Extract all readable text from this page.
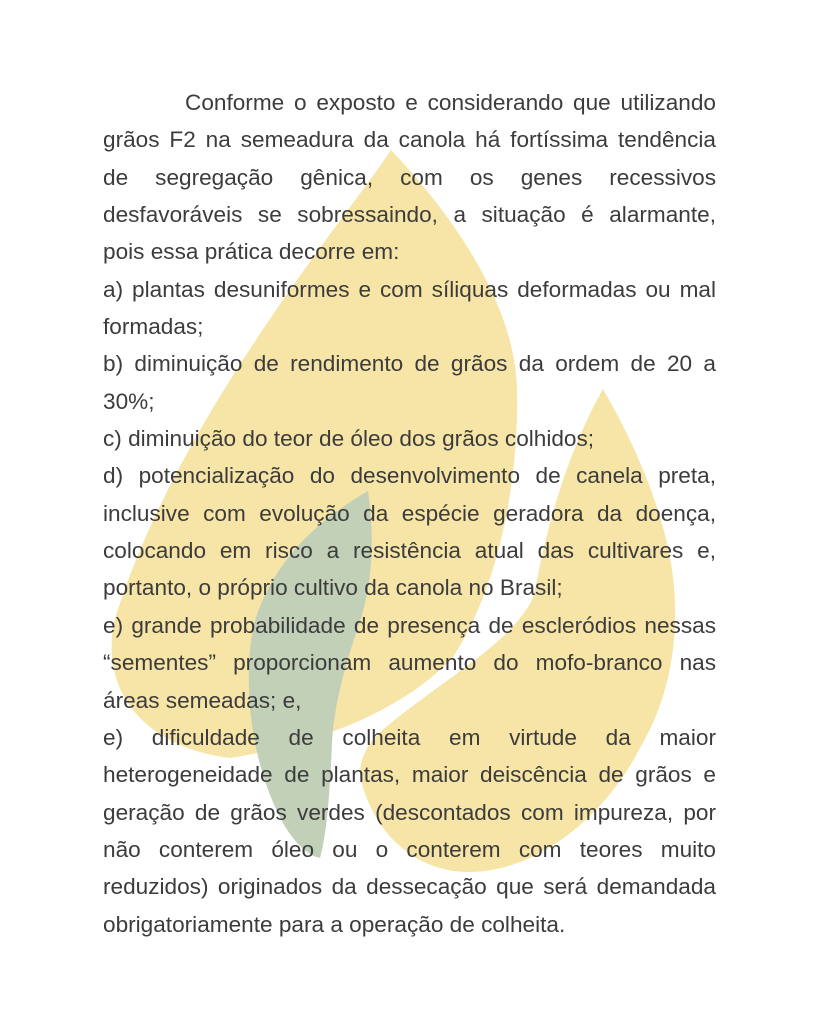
Conforme o exposto e considerando que utilizando
grãos F2 na semeadura da canola há fortíssima tendência
de segregação gênica, com os genes recessivos
desfavoráveis se sobressaindo, a situação é alarmante,
pois essa prática decorre em:
a) plantas desuniformes e com síliquas deformadas ou mal
formadas;
b) diminuição de rendimento de grãos da ordem de 20 a
30%;
c) diminuição do teor de óleo dos grãos colhidos;
d) potencialização do desenvolvimento de canela preta,
inclusive com evolução da espécie geradora da doença,
colocando em risco a resistência atual das cultivares e,
portanto, o próprio cultivo da canola no Brasil;
e) grande probabilidade de presença de escleródios nessas
“sementes” proporcionam aumento do mofo-branco nas
áreas semeadas; e,
e) dificuldade de colheita em virtude da maior
heterogeneidade de plantas, maior deiscência de grãos e
geração de grãos verdes (descontados com impureza, por
não conterem óleo ou o conterem com teores muito
reduzidos) originados da dessecação que será demandada
obrigatoriamente para a operação de colheita.
